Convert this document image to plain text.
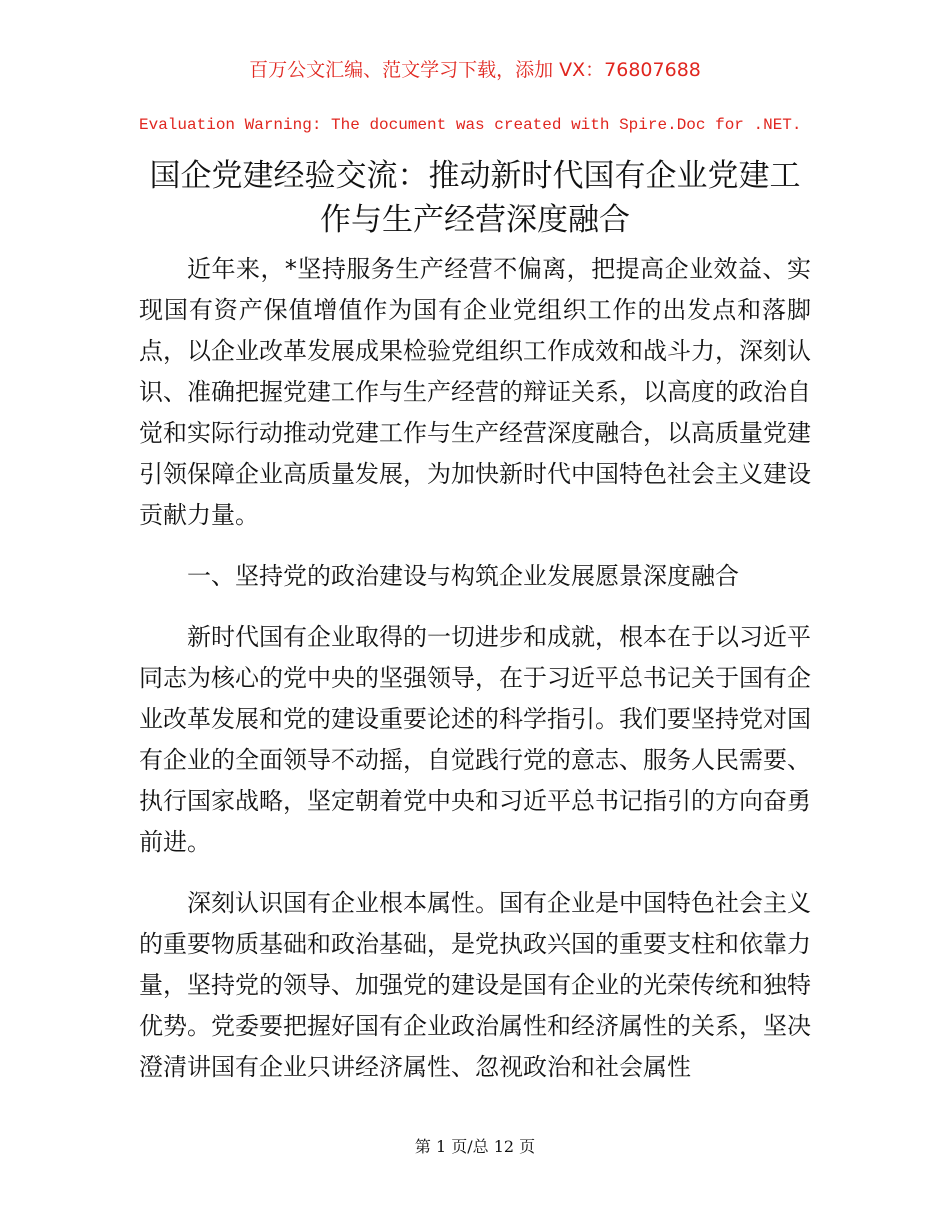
百万公文汇编、范文学习下载，添加 VX：76807688
Evaluation Warning: The document was created with Spire.Doc for .NET.
国企党建经验交流：推动新时代国有企业党建工作与生产经营深度融合

近年来，*坚持服务生产经营不偏离，把提高企业效益、实现国有资产保值增值作为国有企业党组织工作的出发点和落脚点，以企业改革发展成果检验党组织工作成效和战斗力，深刻认识、准确把握党建工作与生产经营的辩证关系，以高度的政治自觉和实际行动推动党建工作与生产经营深度融合，以高质量党建引领保障企业高质量发展，为加快新时代中国特色社会主义建设贡献力量。

一、坚持党的政治建设与构筑企业发展愿景深度融合

新时代国有企业取得的一切进步和成就，根本在于以习近平同志为核心的党中央的坚强领导，在于习近平总书记关于国有企业改革发展和党的建设重要论述的科学指引。我们要坚持党对国有企业的全面领导不动摇，自觉践行党的意志、服务人民需要、执行国家战略，坚定朝着党中央和习近平总书记指引的方向奋勇前进。

深刻认识国有企业根本属性。国有企业是中国特色社会主义的重要物质基础和政治基础，是党执政兴国的重要支柱和依靠力量，坚持党的领导、加强党的建设是国有企业的光荣传统和独特优势。党委要把握好国有企业政治属性和经济属性的关系，坚决澄清讲国有企业只讲经济属性、忽视政治和社会属性

第 1 页/总 12 页
